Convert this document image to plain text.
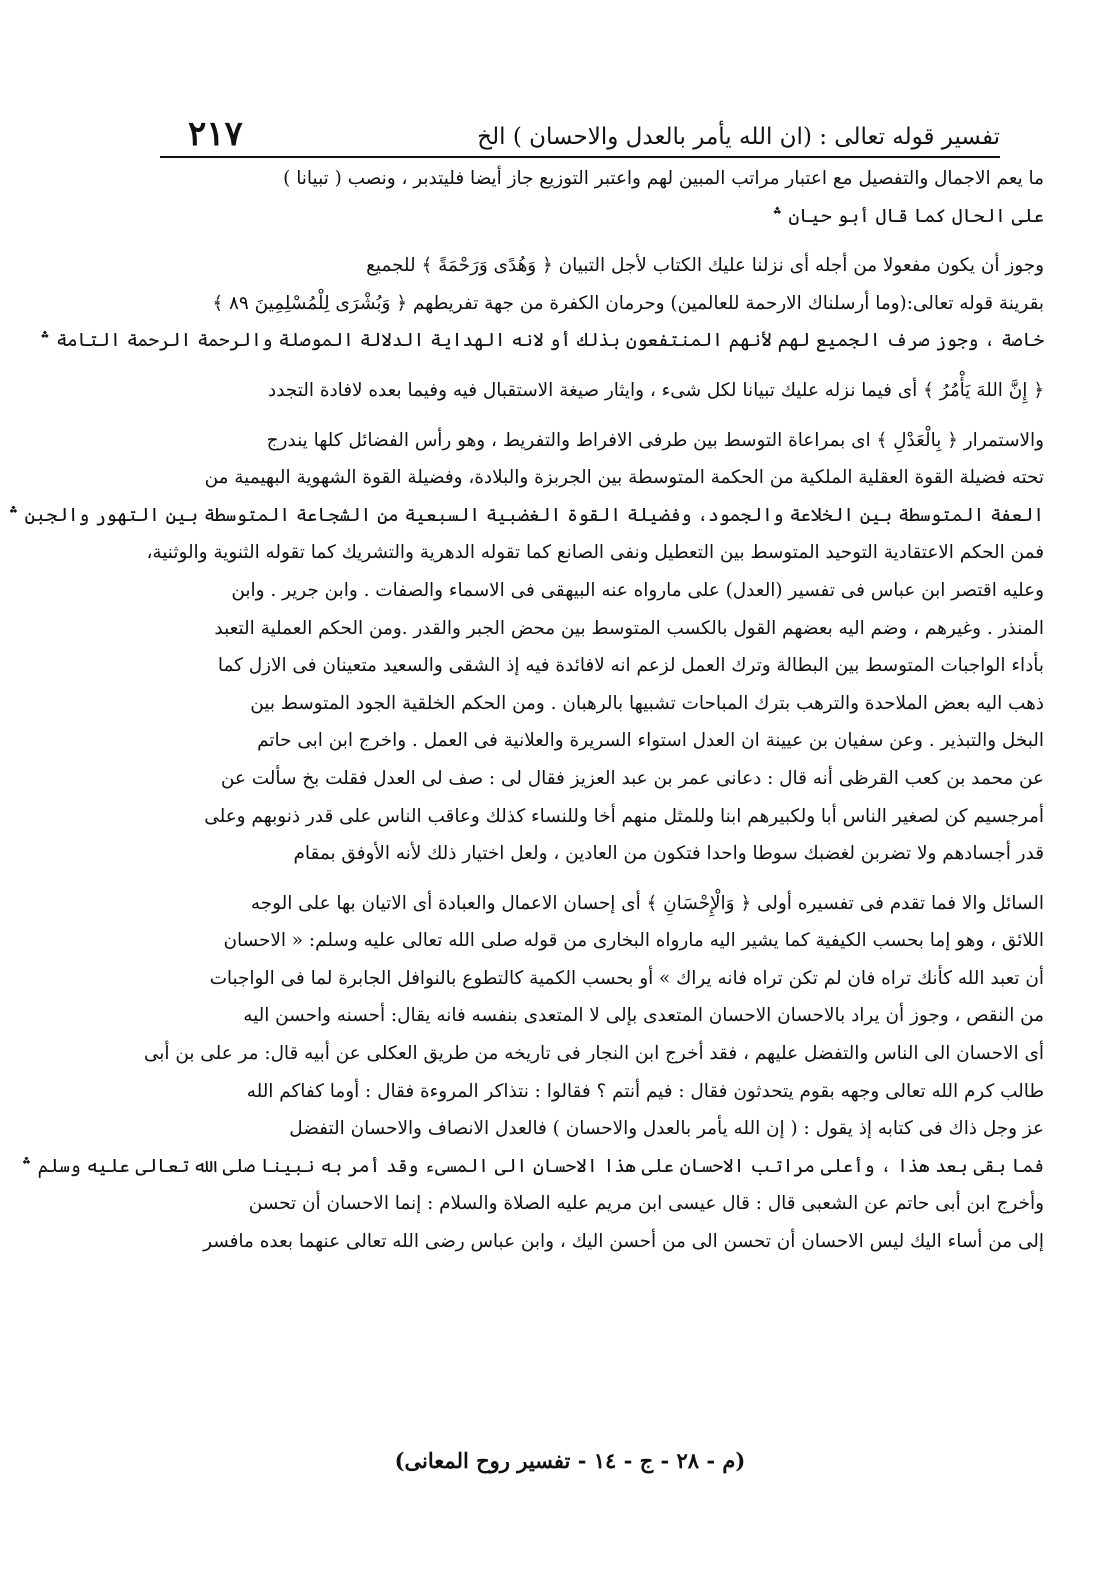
تفسير قوله تعالى : (ان الله يأمر بالعدل والاحسان ) الخ
٢١٧
ما يعم الاجمال والتفصيل مع اعتبار مراتب المبين لهم واعتبر التوزيع جاز أيضا فليتدبر ، ونصب ( تبيانا )
على الحال كما قال أبو حيان ؞
وجوز أن يكون مفعولا من أجله أى نزلنا عليك الكتاب لأجل التبيان ﴿ وَهُدًى وَرَحْمَةً ﴾ للجميع
بقرينة قوله تعالى:(وما أرسلناك الارحمة للعالمين) وحرمان الكفرة من جهة تفريطهم ﴿ وَبُشْرَى لِلْمُسْلِمِينَ ٨٩ ﴾
خاصة ، وجوز صرف الجميع لهم لأنهم المنتفعون بذلك أو لانه الهداية الدلالة الموصلة والرحمة الرحمة التامة ؞
﴿ إِنَّ اللهَ يَأْمُرُ ﴾ أى فيما نزله عليك تبيانا لكل شىء ، وايثار صيغة الاستقبال فيه وفيما بعده لافادة التجدد
والاستمرار ﴿ بِالْعَدْلِ ﴾ اى بمراعاة التوسط بين طرفى الافراط والتفريط ، وهو رأس الفضائل كلها يندرج
تحته فضيلة القوة العقلية الملكية من الحكمة المتوسطة بين الجربزة والبلادة، وفضيلة القوة الشهوية البهيمية من
العفة المتوسطة بين الخلاعة والجمود، وفضيلة القوة الغضبية السبعية من الشجاعة المتوسطة بين التهور والجبن ؞
فمن الحكم الاعتقادية التوحيد المتوسط بين التعطيل ونفى الصانع كما تقوله الدهرية والتشريك كما تقوله الثنوية والوثنية،
وعليه اقتصر ابن عباس فى تفسير (العدل) على مارواه عنه البيهقى فى الاسماء والصفات . وابن جرير . وابن
المنذر . وغيرهم ، وضم اليه بعضهم القول بالكسب المتوسط بين محض الجبر والقدر .ومن الحكم العملية التعبد
بأداء الواجبات المتوسط بين البطالة وترك العمل لزعم انه لافائدة فيه إذ الشقى والسعيد متعينان فى الازل كما
ذهب اليه بعض الملاحدة والترهب بترك المباحات تشبيها بالرهبان . ومن الحكم الخلقية الجود المتوسط بين
البخل والتبذير . وعن سفيان بن عيينة ان العدل استواء السريرة والعلانية فى العمل . واخرج ابن ابى حاتم
عن محمد بن كعب القرظى أنه قال : دعانى عمر بن عبد العزيز فقال لى : صف لى العدل فقلت بخ سألت عن
أمرجسيم كن لصغير الناس أبا ولكبيرهم ابنا وللمثل منهم أخا وللنساء كذلك وعاقب الناس على قدر ذنوبهم وعلى
قدر أجسادهم ولا تضربن لغضبك سوطا واحدا فتكون من العادين ، ولعل اختيار ذلك لأنه الأوفق بمقام
السائل والا فما تقدم فى تفسيره أولى ﴿ وَالْإِحْسَانِ ﴾ أى إحسان الاعمال والعبادة أى الاتيان بها على الوجه
اللائق ، وهو إما بحسب الكيفية كما يشير اليه مارواه البخارى من قوله صلى الله تعالى عليه وسلم: « الاحسان
أن تعبد الله كأنك تراه فان لم تكن تراه فانه يراك » أو بحسب الكمية كالتطوع بالنوافل الجابرة لما فى الواجبات
من النقص ، وجوز أن يراد بالاحسان الاحسان المتعدى بإلى لا المتعدى بنفسه فانه يقال: أحسنه واحسن اليه
أى الاحسان الى الناس والتفضل عليهم ، فقد أخرج ابن النجار فى تاريخه من طريق العكلى عن أبيه قال: مر على بن أبى
طالب كرم الله تعالى وجهه بقوم يتحدثون فقال : فيم أنتم ؟ فقالوا : نتذاكر المروءة فقال : أوما كفاكم الله
عز وجل ذاك فى كتابه إذ يقول : ( إن الله يأمر بالعدل والاحسان ) فالعدل الانصاف والاحسان التفضل
فما بقى بعد هذا ، وأعلى مراتب الاحسان على هذا الاحسان الى المسىء وقد أمر به نبينا صلى الله تعالى عليه وسلم ؞
وأخرج ابن أبى حاتم عن الشعبى قال : قال عيسى ابن مريم عليه الصلاة والسلام : إنما الاحسان أن تحسن
إلى من أساء اليك ليس الاحسان أن تحسن الى من أحسن اليك ، وابن عباس رضى الله تعالى عنهما بعده مافسر
(م - ٢٨ - ج - ١٤ - تفسير روح المعانى)
